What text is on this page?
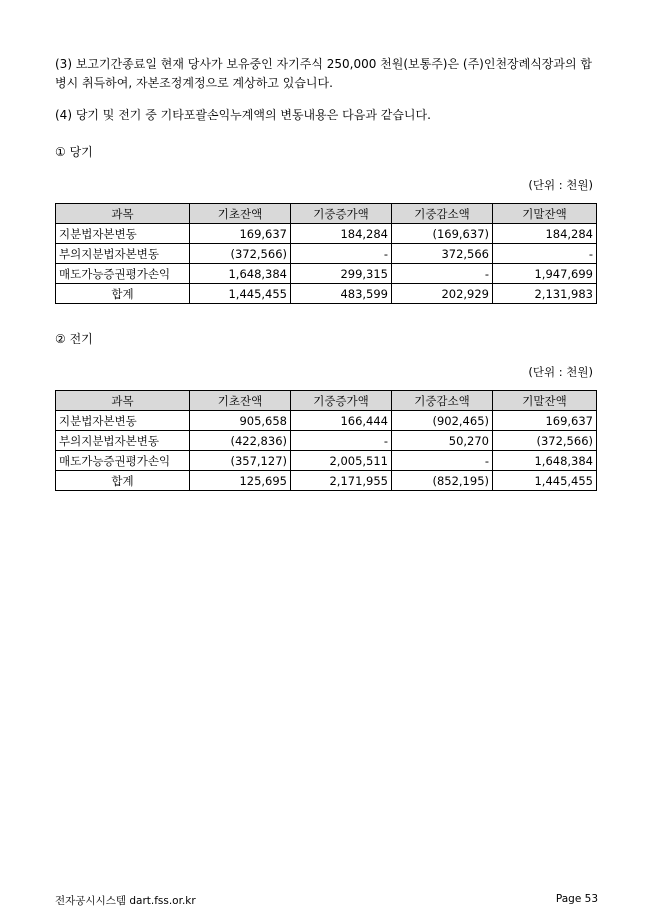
(3) 보고기간종료일 현재 당사가 보유중인 자기주식 250,000 천원(보통주)은 (주)인천장례식장과의 합병시 취득하여, 자본조정계정으로 계상하고 있습니다.
(4) 당기 및 전기 중 기타포괄손익누계액의 변동내용은 다음과 같습니다.
① 당기
(단위 : 천원)
과목	기초잔액	기중증가액	기중감소액	기말잔액
지분법자본변동	169,637	184,284	(169,637)	184,284
부의지분법자본변동	(372,566)	-	372,566	-
매도가능증권평가손익	1,648,384	299,315	-	1,947,699
합계	1,445,455	483,599	202,929	2,131,983
② 전기
(단위 : 천원)
과목	기초잔액	기중증가액	기중감소액	기말잔액
지분법자본변동	905,658	166,444	(902,465)	169,637
부의지분법자본변동	(422,836)	-	50,270	(372,566)
매도가능증권평가손익	(357,127)	2,005,511	-	1,648,384
합계	125,695	2,171,955	(852,195)	1,445,455
전자공시시스템 dart.fss.or.kr	Page 53
